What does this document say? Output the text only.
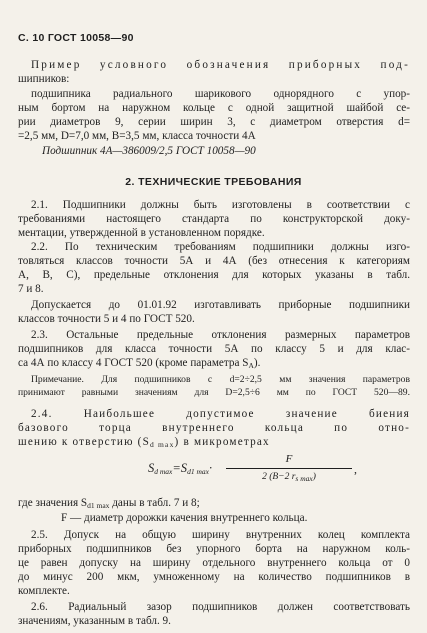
С. 10 ГОСТ 10058—90
Пример условного обозначения приборных под-
шипников:
подшипника радиального шарикового однорядного с упор-
ным бортом на наружном кольце с одной защитной шайбой се-
рии диаметров 9, серии ширин 3, с диаметром отверстия d=
=2,5 мм, D=7,0 мм, B=3,5 мм, класса точности 4А
Подшипник 4А—386009/2,5 ГОСТ 10058—90
2. ТЕХНИЧЕСКИЕ ТРЕБОВАНИЯ
2.1. Подшипники должны быть изготовлены в соответствии с
требованиями настоящего стандарта по конструкторской доку-
ментации, утвержденной в установленном порядке.
2.2. По техническим требованиям подшипники должны изго-
товляться классов точности 5А и 4А (без отнесения к категориям
А, В, С), предельные отклонения для которых указаны в табл.
7 и 8.
Допускается до 01.01.92 изготавливать приборные подшипники
классов точности 5 и 4 по ГОСТ 520.
2.3. Остальные предельные отклонения размерных параметров
подшипников для класса точности 5А по классу 5 и для клас-
са 4А по классу 4 ГОСТ 520 (кроме параметра $S_A$).
Примечание. Для подшипников с d=2÷2,5 мм значения параметров
принимают равными значениям для D=2,5÷6 мм по ГОСТ 520—89.
2.4. Наибольшее допустимое значение биения
базового торца внутреннего кольца по отно-
шению к отверстию $(S_{d max})$ в микрометрах
$S_{d max}=S_{d1 max}\cdot$
F
2 (B−2 $r_{s max}$)
,
где значения $S_{d1 max}$ даны в табл. 7 и 8;
F — диаметр дорожки качения внутреннего кольца.
2.5. Допуск на общую ширину внутренних колец комплекта
приборных подшипников без упорного борта на наружном коль-
це равен допуску на ширину отдельного внутреннего кольца от 0
до минус 200 мкм, умноженному на количество подшипников в
комплекте.
2.6. Радиальный зазор подшипников должен соответствовать
значениям, указанным в табл. 9.
